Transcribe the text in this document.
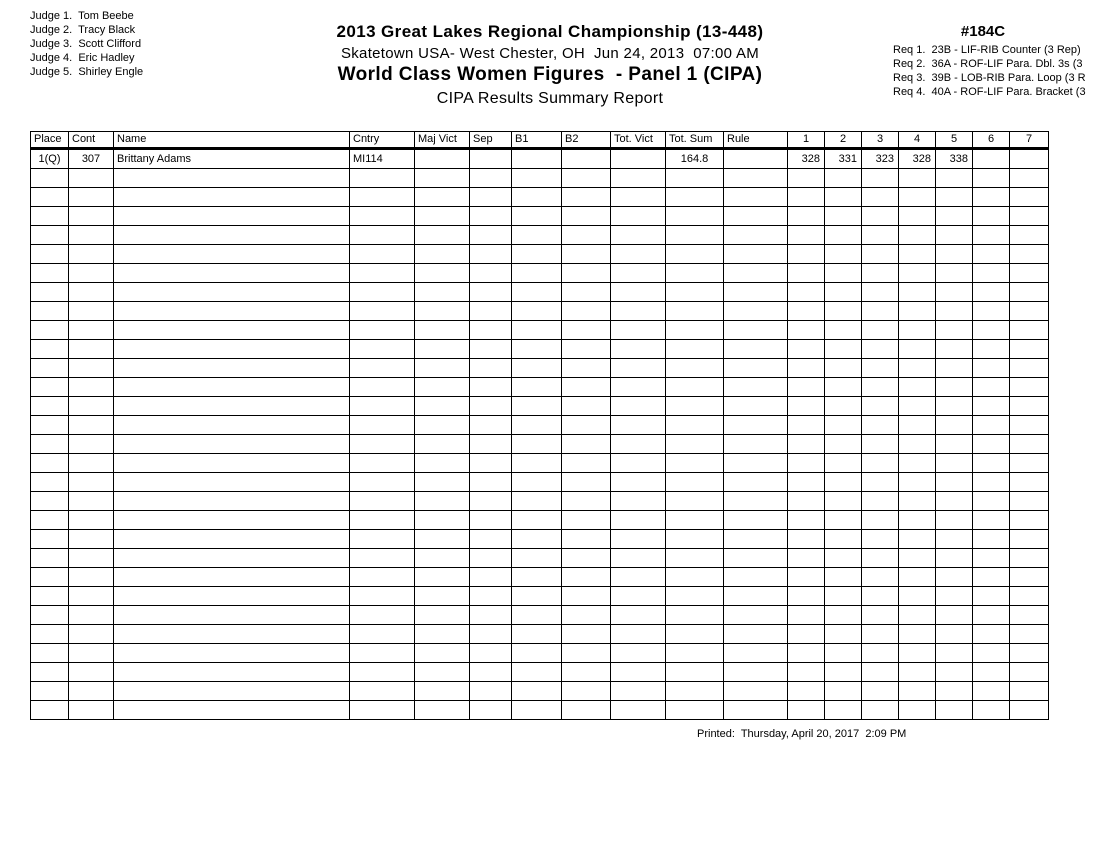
Judge 1.  Tom Beebe
Judge 2.  Tracy Black
Judge 3.  Scott Clifford
Judge 4.  Eric Hadley
Judge 5.  Shirley Engle
2013 Great Lakes Regional Championship (13-448)
Skatetown USA- West Chester, OH  Jun 24, 2013  07:00 AM
World Class Women Figures  - Panel 1 (CIPA)
CIPA Results Summary Report
#184C
Req 1.  23B - LIF-RIB Counter (3 Rep)
Req 2.  36A - ROF-LIF Para. Dbl. 3s (3
Req 3.  39B - LOB-RIB Para. Loop (3 R
Req 4.  40A - ROF-LIF Para. Bracket (3
Place	Cont	Name	Cntry	Maj Vict	Sep	B1	B2	Tot. Vict	Tot. Sum	Rule	1	2	3	4	5	6	7
1(Q)	307	Brittany Adams	MI114						164.8		328	331	323	328	338		

Printed:  Thursday, April 20, 2017  2:09 PM
